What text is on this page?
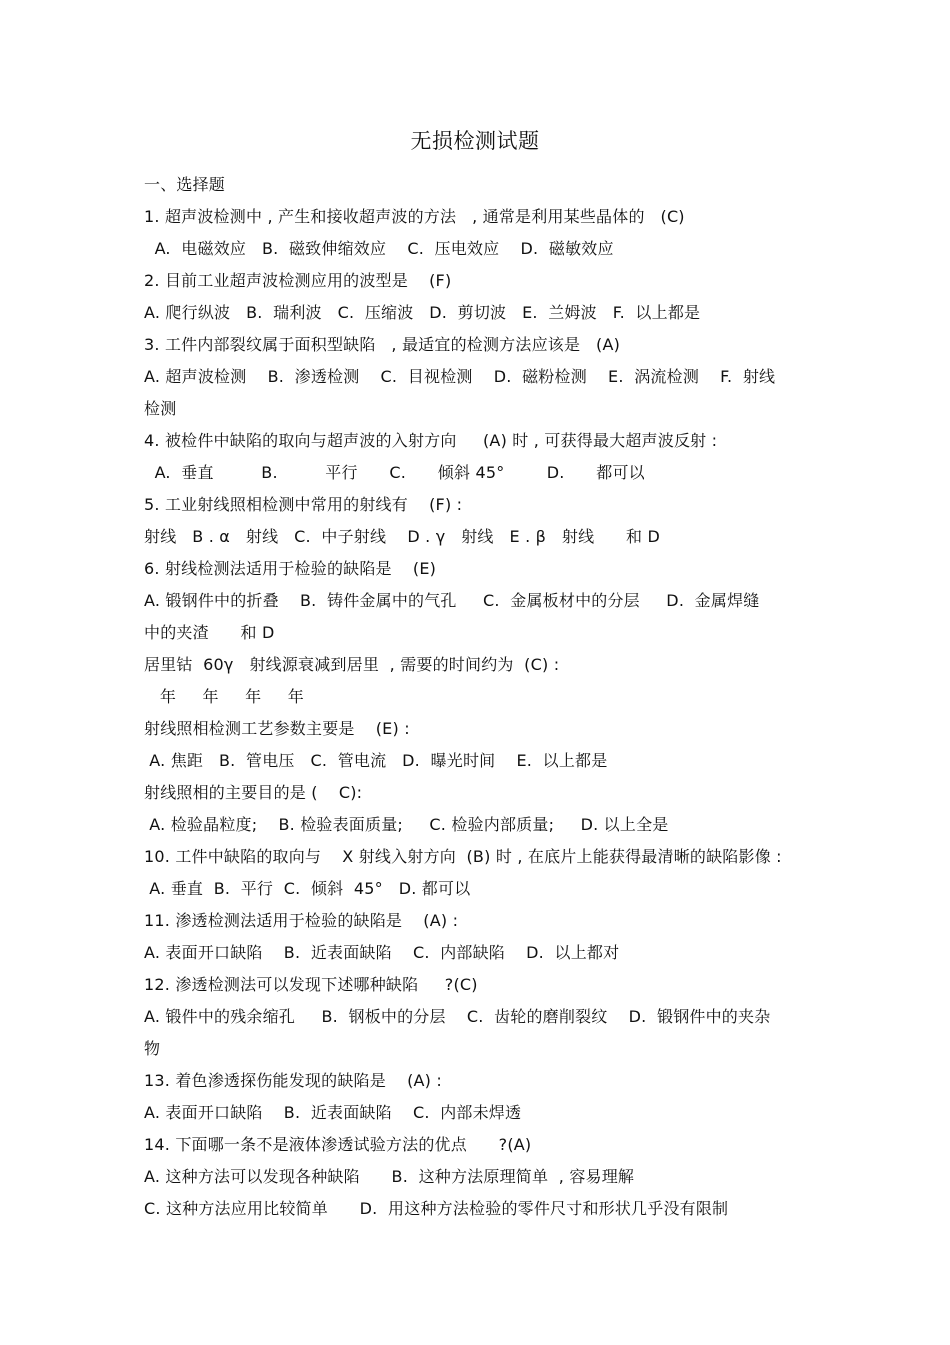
无损检测试题
一、选择题
1. 超声波检测中 , 产生和接收超声波的方法   , 通常是利用某些晶体的   (C)
A.  电磁效应   B.  磁致伸缩效应    C.  压电效应    D.  磁敏效应
2. 目前工业超声波检测应用的波型是    (F)
A. 爬行纵波   B.  瑞利波   C.  压缩波   D.  剪切波   E.  兰姆波   F.  以上都是
3. 工件内部裂纹属于面积型缺陷   , 最适宜的检测方法应该是   (A)
A. 超声波检测    B.  渗透检测    C.  目视检测    D.  磁粉检测    E.  涡流检测    F.  射线
检测
4. 被检件中缺陷的取向与超声波的入射方向     (A) 时 , 可获得最大超声波反射 :
A.  垂直         B.         平行      C.      倾斜 45°        D.      都可以
5. 工业射线照相检测中常用的射线有    (F) :
射线   B . α   射线   C.  中子射线    D . γ   射线   E . β   射线      和 D
6. 射线检测法适用于检验的缺陷是    (E)
A. 锻钢件中的折叠    B.  铸件金属中的气孔     C.  金属板材中的分层     D.  金属焊缝
中的夹渣      和 D
居里钴  60γ   射线源衰减到居里  , 需要的时间约为  (C) :
年     年     年     年
射线照相检测工艺参数主要是    (E) :
A. 焦距   B.  管电压   C.  管电流   D.  曝光时间    E.  以上都是
射线照相的主要目的是 (    C):
A. 检验晶粒度;    B. 检验表面质量;     C. 检验内部质量;     D. 以上全是
10. 工件中缺陷的取向与    X 射线入射方向  (B) 时 , 在底片上能获得最清晰的缺陷影像 :
A. 垂直  B.  平行  C.  倾斜  45°   D. 都可以
11. 渗透检测法适用于检验的缺陷是    (A) :
A. 表面开口缺陷    B.  近表面缺陷    C.  内部缺陷    D.  以上都对
12. 渗透检测法可以发现下述哪种缺陷     ?(C)
A. 锻件中的残余缩孔     B.  钢板中的分层    C.  齿轮的磨削裂纹    D.  锻钢件中的夹杂
物
13. 着色渗透探伤能发现的缺陷是    (A) :
A. 表面开口缺陷    B.  近表面缺陷    C.  内部未焊透
14. 下面哪一条不是液体渗透试验方法的优点      ?(A)
A. 这种方法可以发现各种缺陷      B.  这种方法原理简单  , 容易理解
C. 这种方法应用比较简单      D.  用这种方法检验的零件尺寸和形状几乎没有限制
